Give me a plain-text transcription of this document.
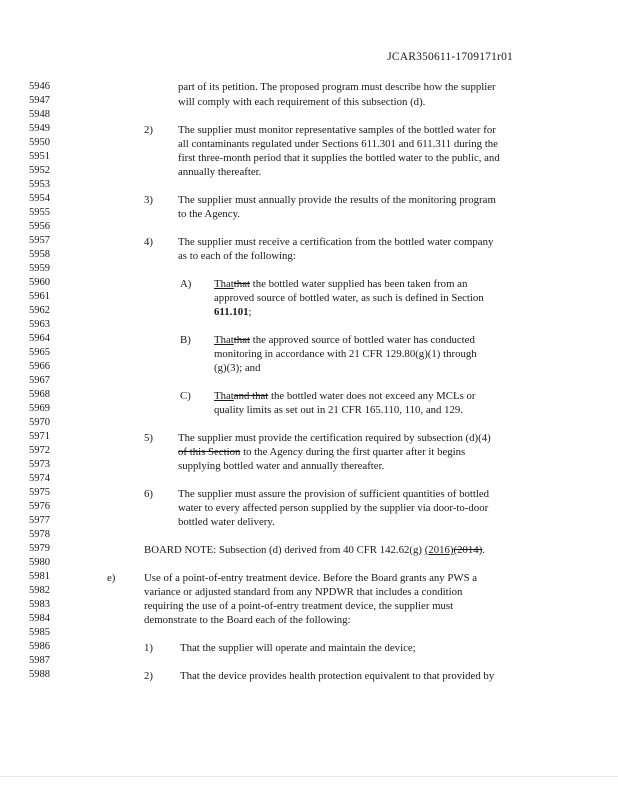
JCAR350611-1709171r01
5946
5947
5948
5949
5950
5951
5952
5953
5954
5955
5956
5957
5958
5959
5960
5961
5962
5963
5964
5965
5966
5967
5968
5969
5970
5971
5972
5973
5974
5975
5976
5977
5978
5979
5980
5981
5982
5983
5984
5985
5986
5987
5988
part of its petition. The proposed program must describe how the supplier
will comply with each requirement of this subsection (d).
2) The supplier must monitor representative samples of the bottled water for
all contaminants regulated under Sections 611.301 and 611.311 during the
first three-month period that it supplies the bottled water to the public, and
annually thereafter.
3) The supplier must annually provide the results of the monitoring program
to the Agency.
4) The supplier must receive a certification from the bottled water company
as to each of the following:
A) Thatthat the bottled water supplied has been taken from an
approved source of bottled water, as such is defined in Section
611.101;
B) Thatthat the approved source of bottled water has conducted
monitoring in accordance with 21 CFR 129.80(g)(1) through
(g)(3); and
C) Thatand that the bottled water does not exceed any MCLs or
quality limits as set out in 21 CFR 165.110, 110, and 129.
5) The supplier must provide the certification required by subsection (d)(4)
of this Section to the Agency during the first quarter after it begins
supplying bottled water and annually thereafter.
6) The supplier must assure the provision of sufficient quantities of bottled
water to every affected person supplied by the supplier via door-to-door
bottled water delivery.
BOARD NOTE: Subsection (d) derived from 40 CFR 142.62(g) (2016)(2014).
e)	Use of a point-of-entry treatment device. Before the Board grants any PWS a
variance or adjusted standard from any NPDWR that includes a condition
requiring the use of a point-of-entry treatment device, the supplier must
demonstrate to the Board each of the following:
1)	That the supplier will operate and maintain the device;
2)	That the device provides health protection equivalent to that provided by
